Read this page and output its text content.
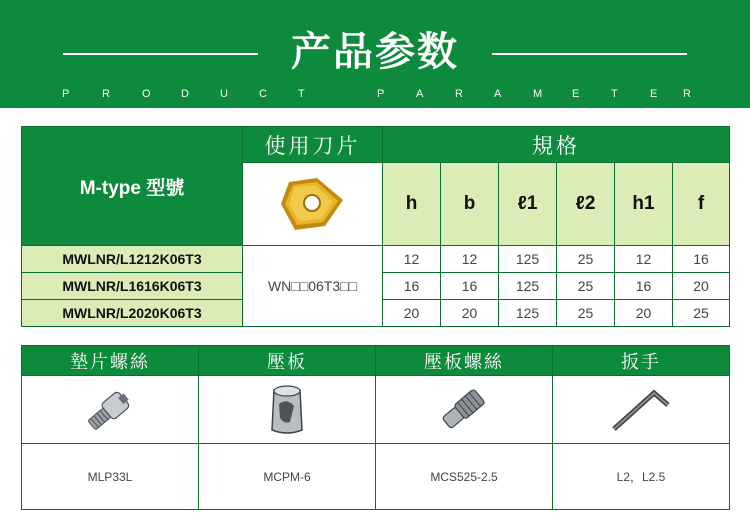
产品参数
P	R	O	D	U	C	T	P	A	R	A	M	E	T	E R
M-type 型號
使用刀片	規格
h	b	ℓ1	ℓ2	h1	f
WN□□06T3□□
MWLNR/L1212K06T3	12	12	125	25	12	16
MWLNR/L1616K06T3	16	16	125	25	16	20
MWLNR/L2020K06T3	20	20	125	25	20	25
墊片螺絲	壓板	壓板螺絲	扳手
MLP33L	MCPM-6	MCS525-2.5	L2，L2.5
